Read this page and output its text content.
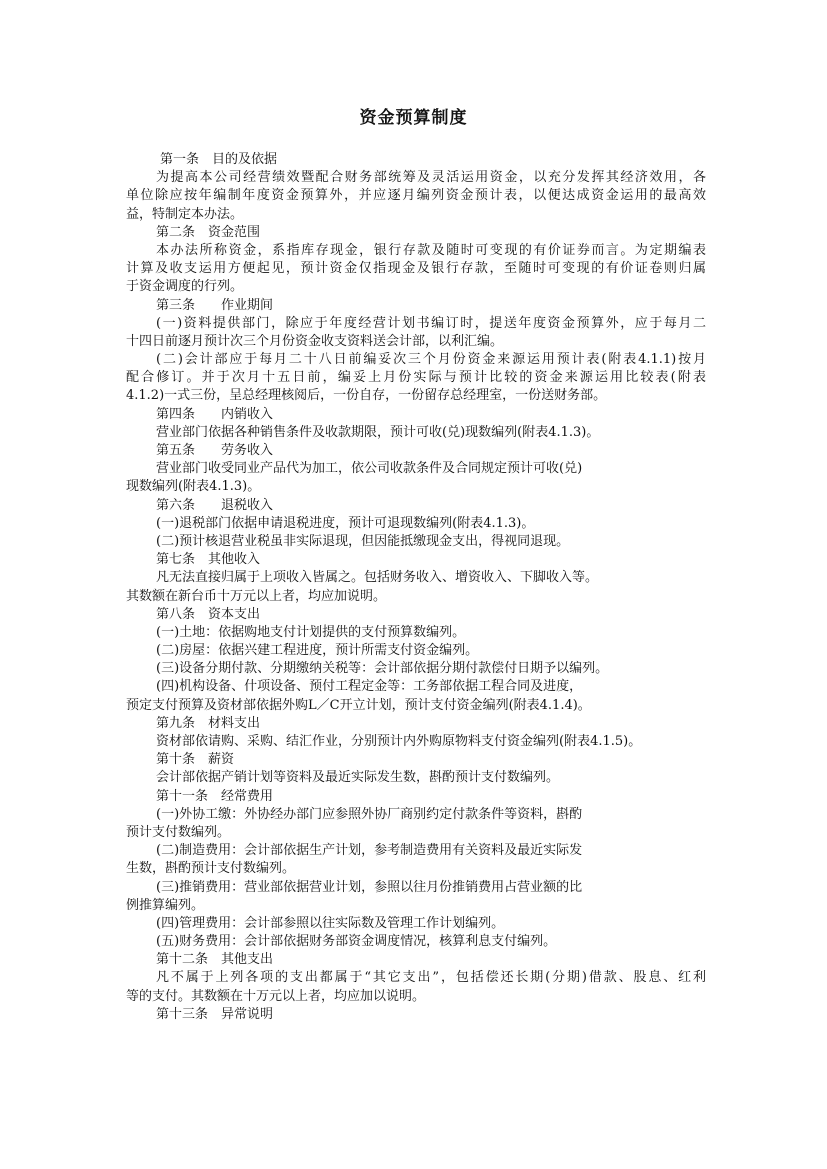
资金预算制度
第一条　目的及依据
为提高本公司经营绩效暨配合财务部统筹及灵活运用资金，以充分发挥其经济效用，各
单位除应按年编制年度资金预算外，并应逐月编列资金预计表，以便达成资金运用的最高效
益，特制定本办法。
第二条　资金范围
本办法所称资金，系指库存现金，银行存款及随时可变现的有价证券而言。为定期编表
计算及收支运用方便起见，预计资金仅指现金及银行存款，至随时可变现的有价证卷则归属
于资金调度的行列。
第三条　　作业期间
(一)资料提供部门，除应于年度经营计划书编订时，提送年度资金预算外，应于每月二
十四日前逐月预计次三个月份资金收支资料送会计部，以利汇编。
(二)会计部应于每月二十八日前编妥次三个月份资金来源运用预计表(附表4.1.1)按月
配合修订。并于次月十五日前，编妥上月份实际与预计比较的资金来源运用比较表(附表
4.1.2)一式三份，呈总经理核阅后，一份自存，一份留存总经理室，一份送财务部。
第四条　　内销收入
营业部门依据各种销售条件及收款期限，预计可收(兑)现数编列(附表4.1.3)。
第五条　　劳务收入
营业部门收受同业产品代为加工，依公司收款条件及合同规定预计可收(兑)
现数编列(附表4.1.3)。
第六条　　退税收入
(一)退税部门依据申请退税进度，预计可退现数编列(附表4.1.3)。
(二)预计核退营业税虽非实际退现，但因能抵缴现金支出，得视同退现。
第七条　其他收入
凡无法直接归属于上项收入皆属之。包括财务收入、增资收入、下脚收入等。
其数额在新台币十万元以上者，均应加说明。
第八条　资本支出
(一)土地：依据购地支付计划提供的支付预算数编列。
(二)房屋：依据兴建工程进度，预计所需支付资金编列。
(三)设备分期付款、分期缴纳关税等：会计部依据分期付款偿付日期予以编列。
(四)机构设备、什项设备、预付工程定金等：工务部依据工程合同及进度，
预定支付预算及资材部依据外购L／C开立计划，预计支付资金编列(附表4.1.4)。
第九条　材料支出
资材部依请购、采购、结汇作业，分别预计内外购原物料支付资金编列(附表4.1.5)。
第十条　薪资
会计部依据产销计划等资料及最近实际发生数，斟酌预计支付数编列。
第十一条　经常费用
(一)外协工缴：外协经办部门应参照外协厂商别约定付款条件等资料，斟酌
预计支付数编列。
(二)制造费用：会计部依据生产计划，参考制造费用有关资料及最近实际发
生数，斟酌预计支付数编列。
(三)推销费用：营业部依据营业计划，参照以往月份推销费用占营业额的比
例推算编列。
(四)管理费用：会计部参照以往实际数及管理工作计划编列。
(五)财务费用：会计部依据财务部资金调度情况，核算利息支付编列。
第十二条　其他支出
凡不属于上列各项的支出都属于“其它支出”，包括偿还长期(分期)借款、股息、红利
等的支付。其数额在十万元以上者，均应加以说明。
第十三条　异常说明
